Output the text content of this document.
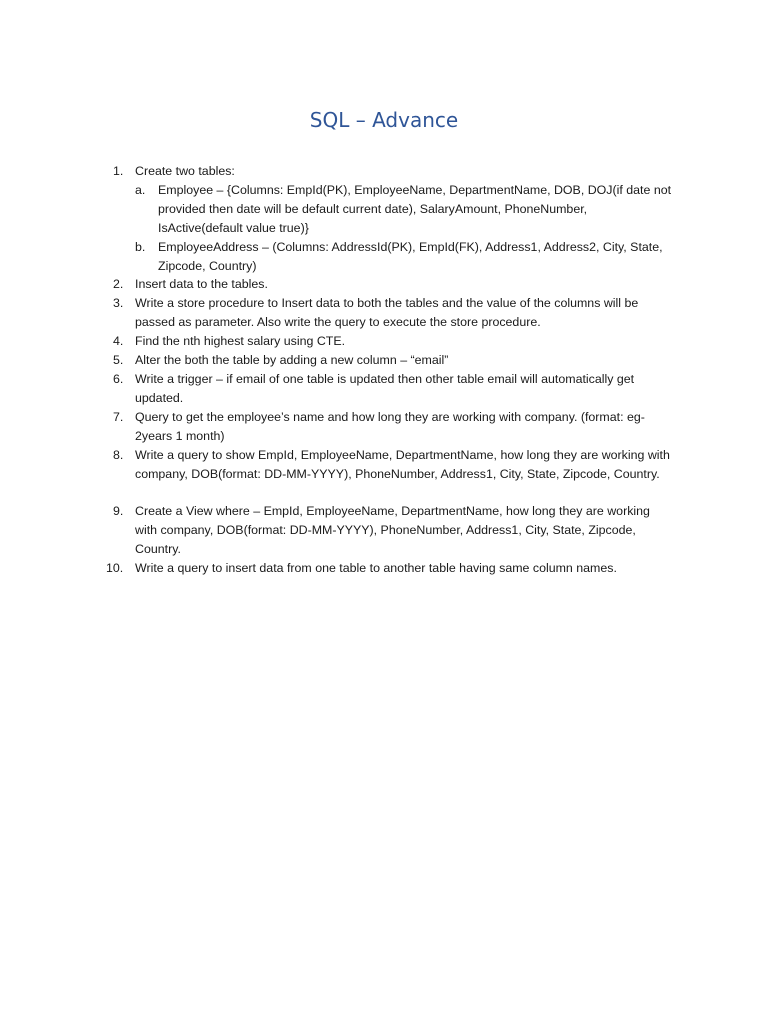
SQL – Advance
1. Create two tables:
a. Employee – {Columns: EmpId(PK), EmployeeName, DepartmentName, DOB, DOJ(if date not provided then date will be default current date), SalaryAmount, PhoneNumber, IsActive(default value true)}
b. EmployeeAddress – (Columns: AddressId(PK), EmpId(FK), Address1, Address2, City, State, Zipcode, Country)
2. Insert data to the tables.
3. Write a store procedure to Insert data to both the tables and the value of the columns will be passed as parameter. Also write the query to execute the store procedure.
4. Find the nth highest salary using CTE.
5. Alter the both the table by adding a new column – “email”
6. Write a trigger – if email of one table is updated then other table email will automatically get updated.
7. Query to get the employee’s name and how long they are working with company. (format: eg- 2years 1 month)
8. Write a query to show EmpId, EmployeeName, DepartmentName, how long they are working with company, DOB(format: DD-MM-YYYY), PhoneNumber, Address1, City, State, Zipcode, Country.
9. Create a View where – EmpId, EmployeeName, DepartmentName, how long they are working with company, DOB(format: DD-MM-YYYY), PhoneNumber, Address1, City, State, Zipcode, Country.
10. Write a query to insert data from one table to another table having same column names.
